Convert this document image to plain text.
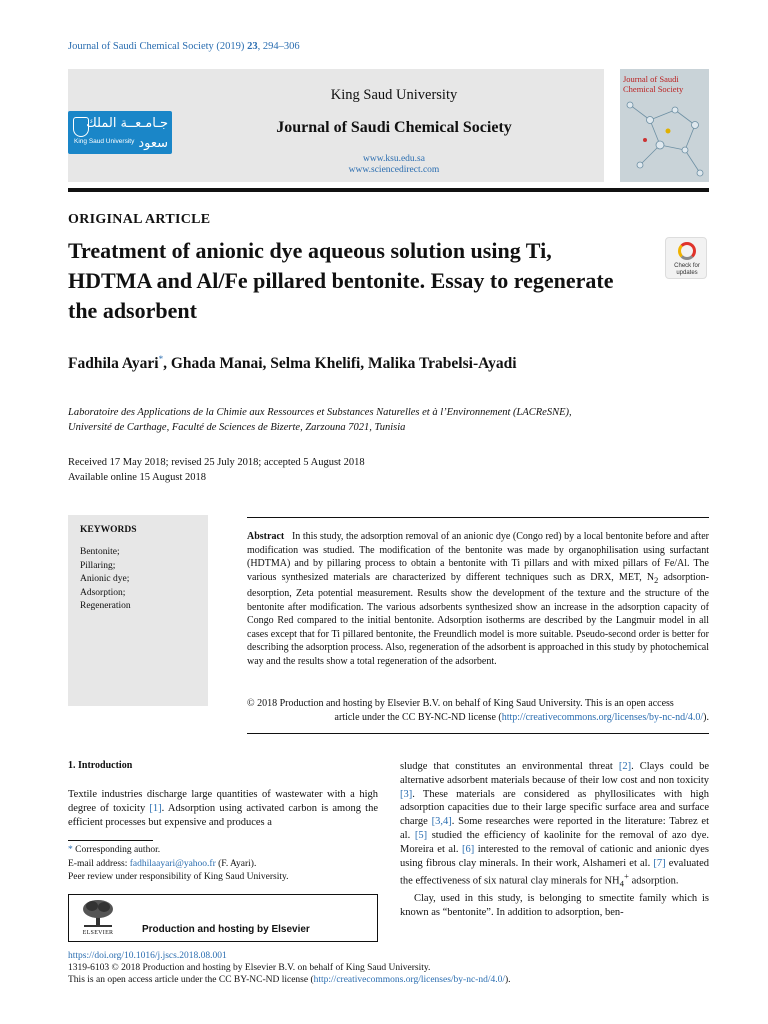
Journal of Saudi Chemical Society (2019) 23, 294–306
جـامـعــة الملك سعود
King Saud University
King Saud University
Journal of Saudi Chemical Society
www.ksu.edu.sa
www.sciencedirect.com
Journal of Saudi Chemical Society
ORIGINAL ARTICLE
Treatment of anionic dye aqueous solution using Ti, HDTMA and Al/Fe pillared bentonite. Essay to regenerate the adsorbent
Check for updates
Fadhila Ayari*, Ghada Manai, Selma Khelifi, Malika Trabelsi-Ayadi
Laboratoire des Applications de la Chimie aux Ressources et Substances Naturelles et à l’Environnement (LACReSNE),
Université de Carthage, Faculté de Sciences de Bizerte, Zarzouna 7021, Tunisia
Received 17 May 2018; revised 25 July 2018; accepted 5 August 2018
Available online 15 August 2018
KEYWORDS
Bentonite;
Pillaring;
Anionic dye;
Adsorption;
Regeneration
Abstract In this study, the adsorption removal of an anionic dye (Congo red) by a local bentonite before and after modification was studied. The modification of the bentonite was made by organophilisation using surfactant (HDTMA) and by pillaring process to obtain a bentonite with Ti pillars and with mixed pillars of Fe/Al. The various synthesized materials are characterized by different techniques such as DRX, MET, $N_2$ adsorption-desorption, Zeta potential measurement. Results show the development of the texture and the structure of the bentonite after modification. The various adsorbents synthesized show an increase in the adsorption capacity of Congo Red compared to the initial bentonite. Adsorption isotherms are described by the Langmuir model in all cases except that for Ti pillared bentonite, the Freundlich model is more suitable. Pseudo-second order is better for describing the adsorption process. Also, regeneration of the adsorbent is approached in this study by photochemical way and the results show a total regeneration of the adsorbent.
© 2018 Production and hosting by Elsevier B.V. on behalf of King Saud University. This is an open access
article under the CC BY-NC-ND license (http://creativecommons.org/licenses/by-nc-nd/4.0/).
1. Introduction
Textile industries discharge large quantities of wastewater with a high degree of toxicity [1]. Adsorption using activated carbon is among the efficient processes but expensive and produces a

sludge that constitutes an environmental threat [2]. Clays could be alternative adsorbent materials because of their low cost and non toxicity [3]. These materials are considered as phyllosilicates with high adsorption capacities due to their large specific surface area and surface charge [3,4]. Some researches were reported in the literature: Tabrez et al. [5] studied the efficiency of kaolinite for the removal of azo dye. Moreira et al. [6] interested to the removal of cationic and anionic dyes using fibrous clay minerals. In their work, Alshameri et al. [7] evaluated the effectiveness of six natural clay minerals for $NH_4^+$ adsorption.

Clay, used in this study, is belonging to smectite family which is known as “bentonite”. In addition to adsorption, ben-

* Corresponding author.
E-mail address: fadhilaayari@yahoo.fr (F. Ayari).
Peer review under responsibility of King Saud University.
ELSEVIER	Production and hosting by Elsevier
https://doi.org/10.1016/j.jscs.2018.08.001
1319-6103 © 2018 Production and hosting by Elsevier B.V. on behalf of King Saud University.
This is an open access article under the CC BY-NC-ND license (http://creativecommons.org/licenses/by-nc-nd/4.0/).
